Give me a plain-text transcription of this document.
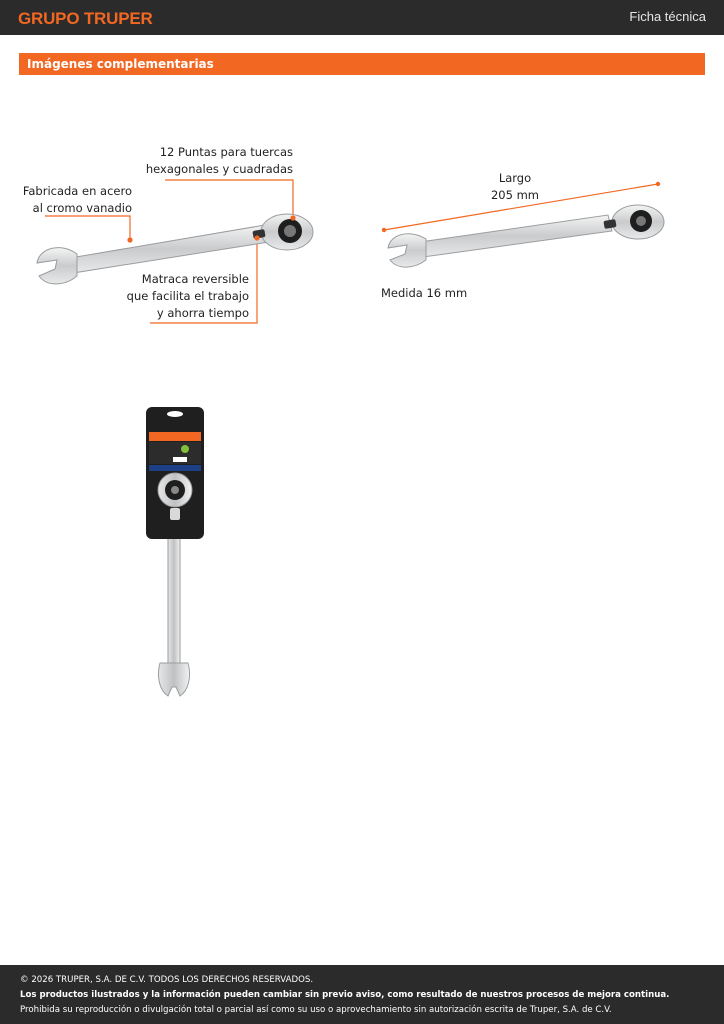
GRUPO TRUPER	Ficha técnica
Imágenes complementarias
12 Puntas para tuercas
hexagonales y cuadradas
Fabricada en acero
al cromo vanadio
Matraca reversible
que facilita el trabajo
y ahorra tiempo
Largo
205 mm
Medida 16 mm

© 2026 TRUPER, S.A. DE C.V. TODOS LOS DERECHOS RESERVADOS.

Los productos ilustrados y la información pueden cambiar sin previo aviso, como resultado de nuestros procesos de mejora continua.

Prohibida su reproducción o divulgación total o parcial así como su uso o aprovechamiento sin autorización escrita de Truper, S.A. de C.V.
